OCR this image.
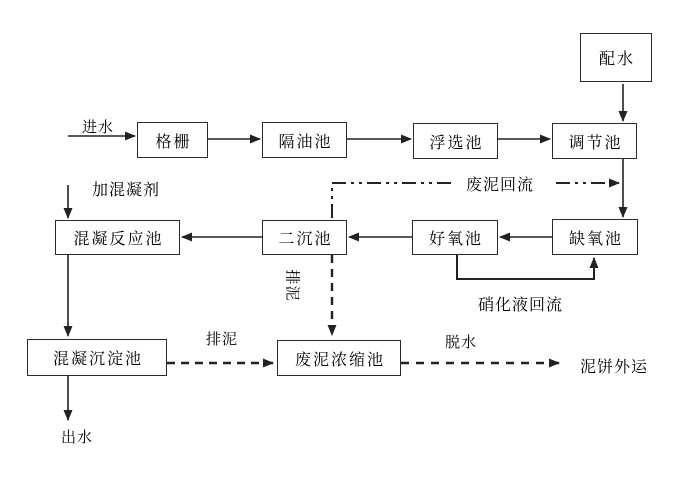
配水
格栅	隔油池	浮选池	调节池
混凝反应池	二沉池	好氧池	缺氧池
混凝沉淀池	废泥浓缩池
进水
加混凝剂	废泥回流
硝化液回流
排泥
排泥	脱水
泥饼外运
出水
